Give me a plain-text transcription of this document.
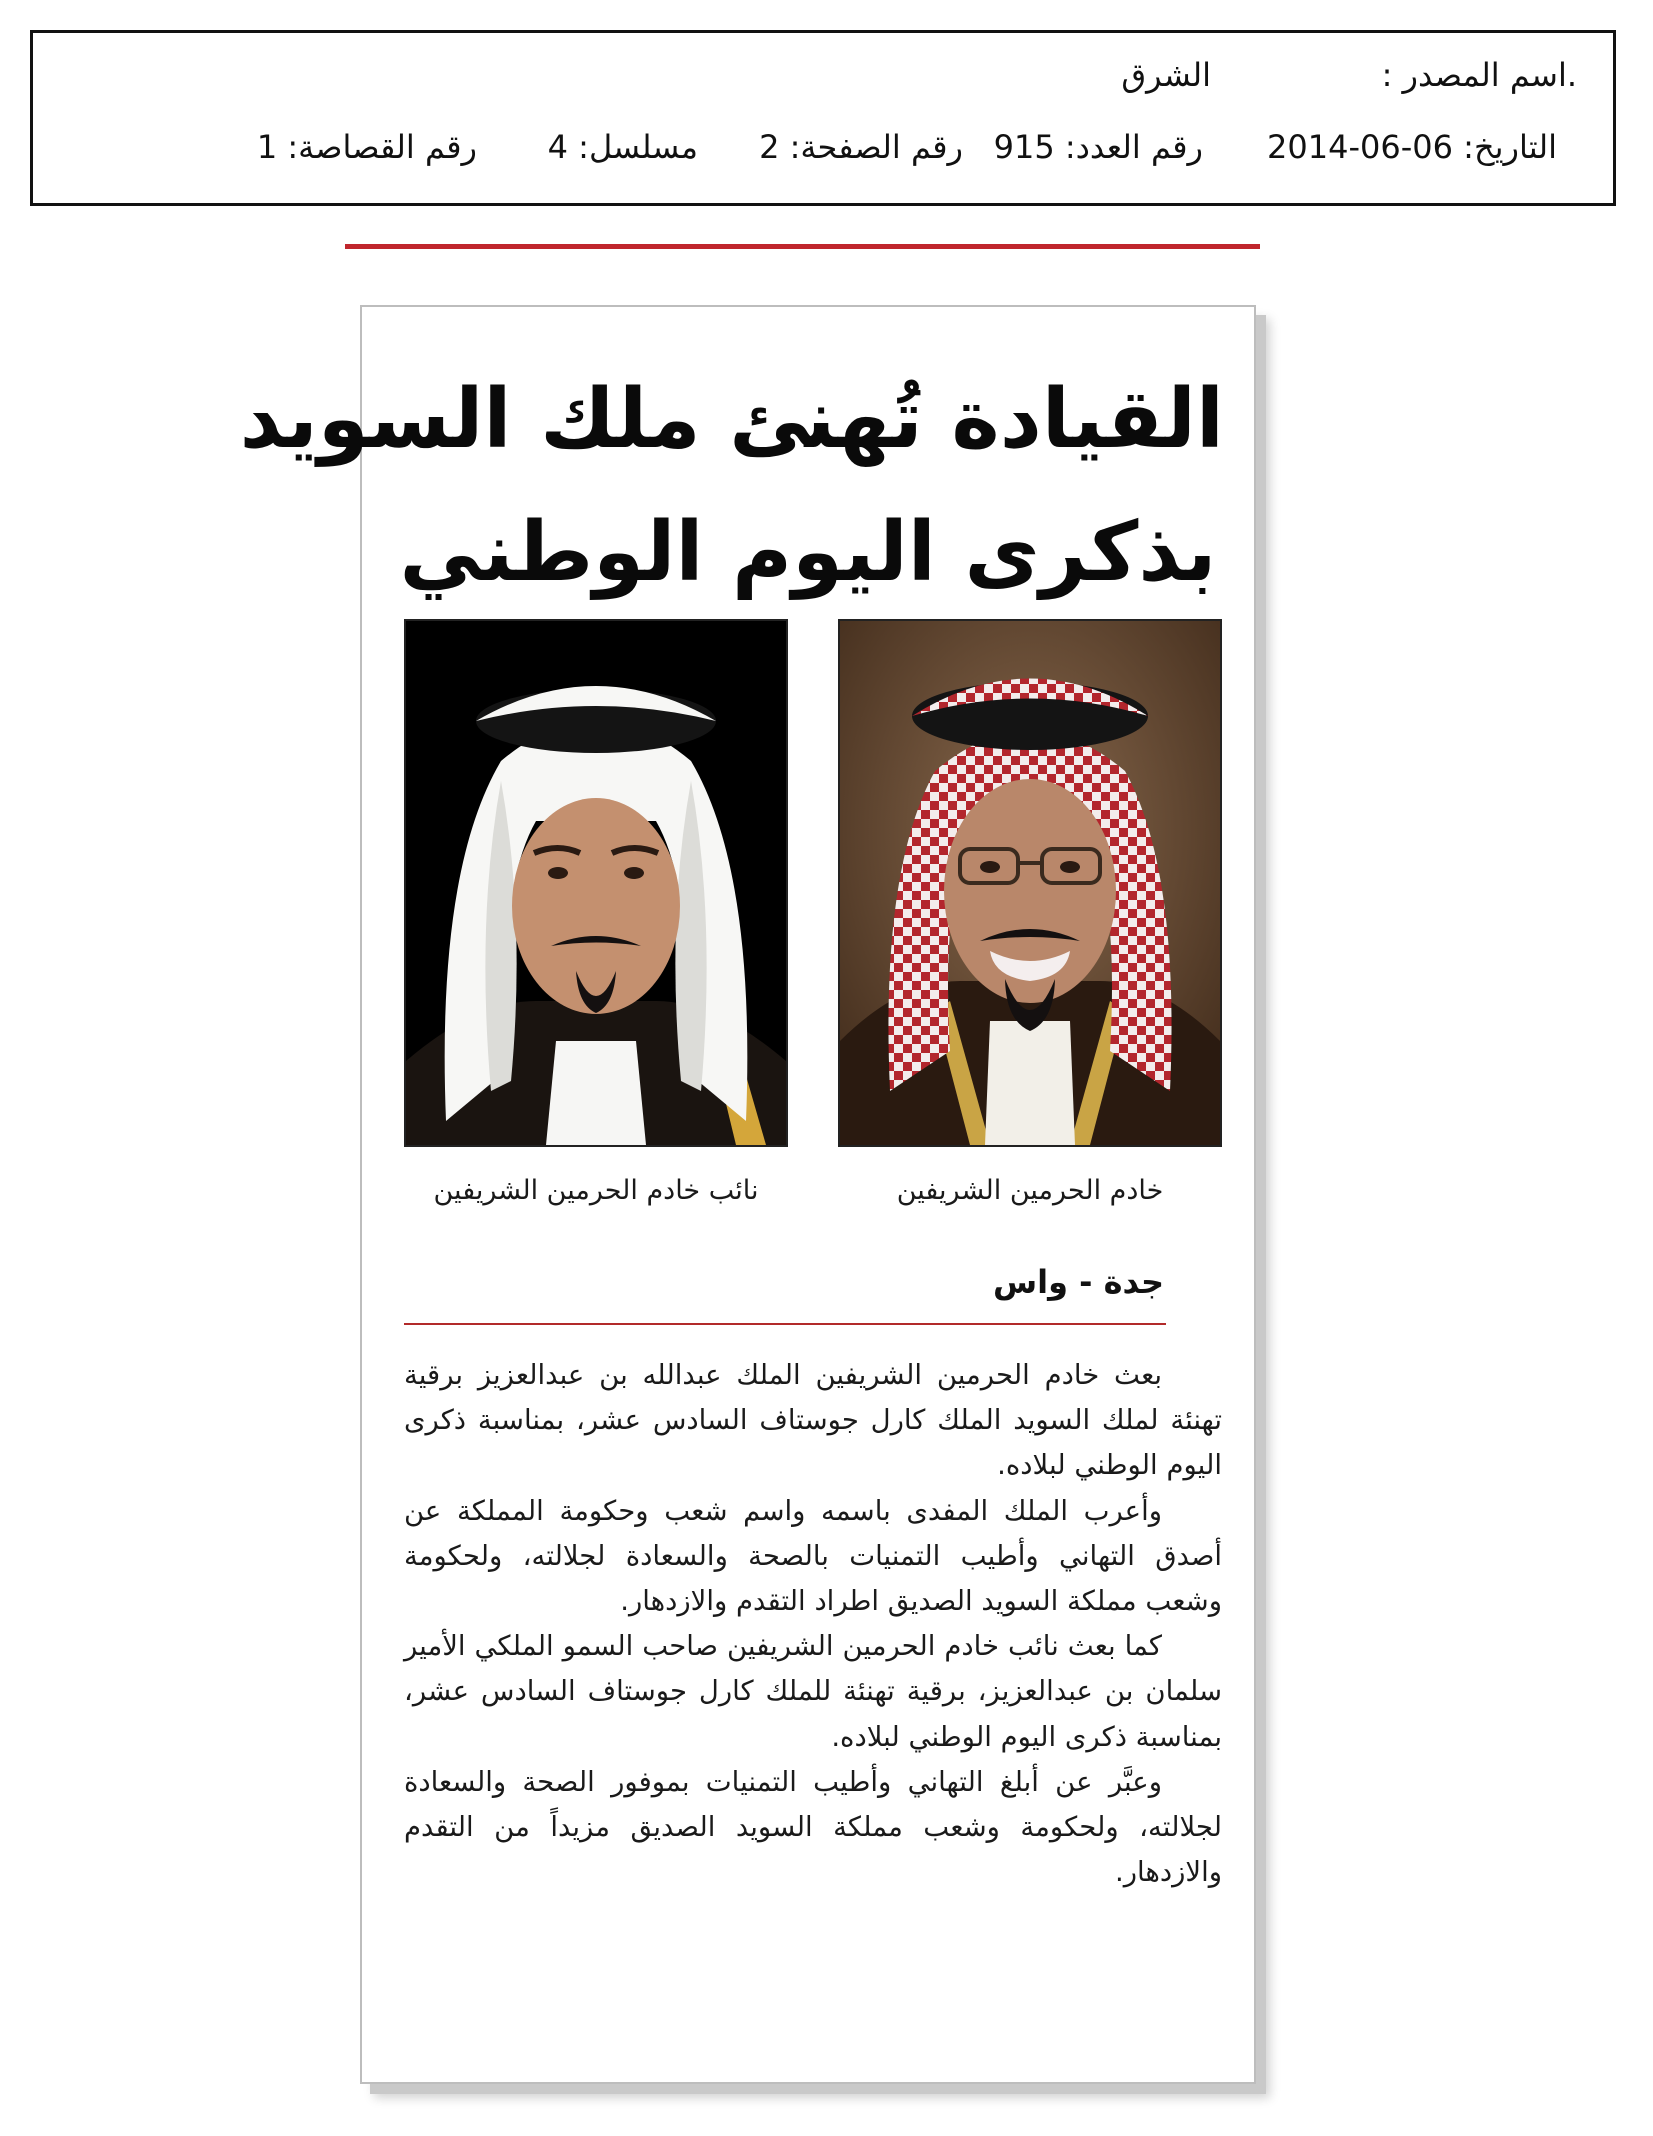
.اسم المصدر :
الشرق
التاريخ: 06-06-2014
رقم العدد: 915
رقم الصفحة: 2
مسلسل: 4
رقم القصاصة: 1
القيادة تُهنئ ملك السويد
بذكرى اليوم الوطني
خادم الحرمين الشريفين
نائب خادم الحرمين الشريفين
جدة - واس

بعث خادم الحرمين الشريفين الملك عبدالله بن عبدالعزيز برقية تهنئة لملك السويد الملك كارل جوستاف السادس عشر، بمناسبة ذكرى اليوم الوطني لبلاده.

وأعرب الملك المفدى باسمه واسم شعب وحكومة المملكة عن أصدق التهاني وأطيب التمنيات بالصحة والسعادة لجلالته، ولحكومة وشعب مملكة السويد الصديق اطراد التقدم والازدهار.

كما بعث نائب خادم الحرمين الشريفين صاحب السمو الملكي الأمير سلمان بن عبدالعزيز، برقية تهنئة للملك كارل جوستاف السادس عشر، بمناسبة ذكرى اليوم الوطني لبلاده.

وعبَّر عن أبلغ التهاني وأطيب التمنيات بموفور الصحة والسعادة لجلالته، ولحكومة وشعب مملكة السويد الصديق مزيداً من التقدم والازدهار.
